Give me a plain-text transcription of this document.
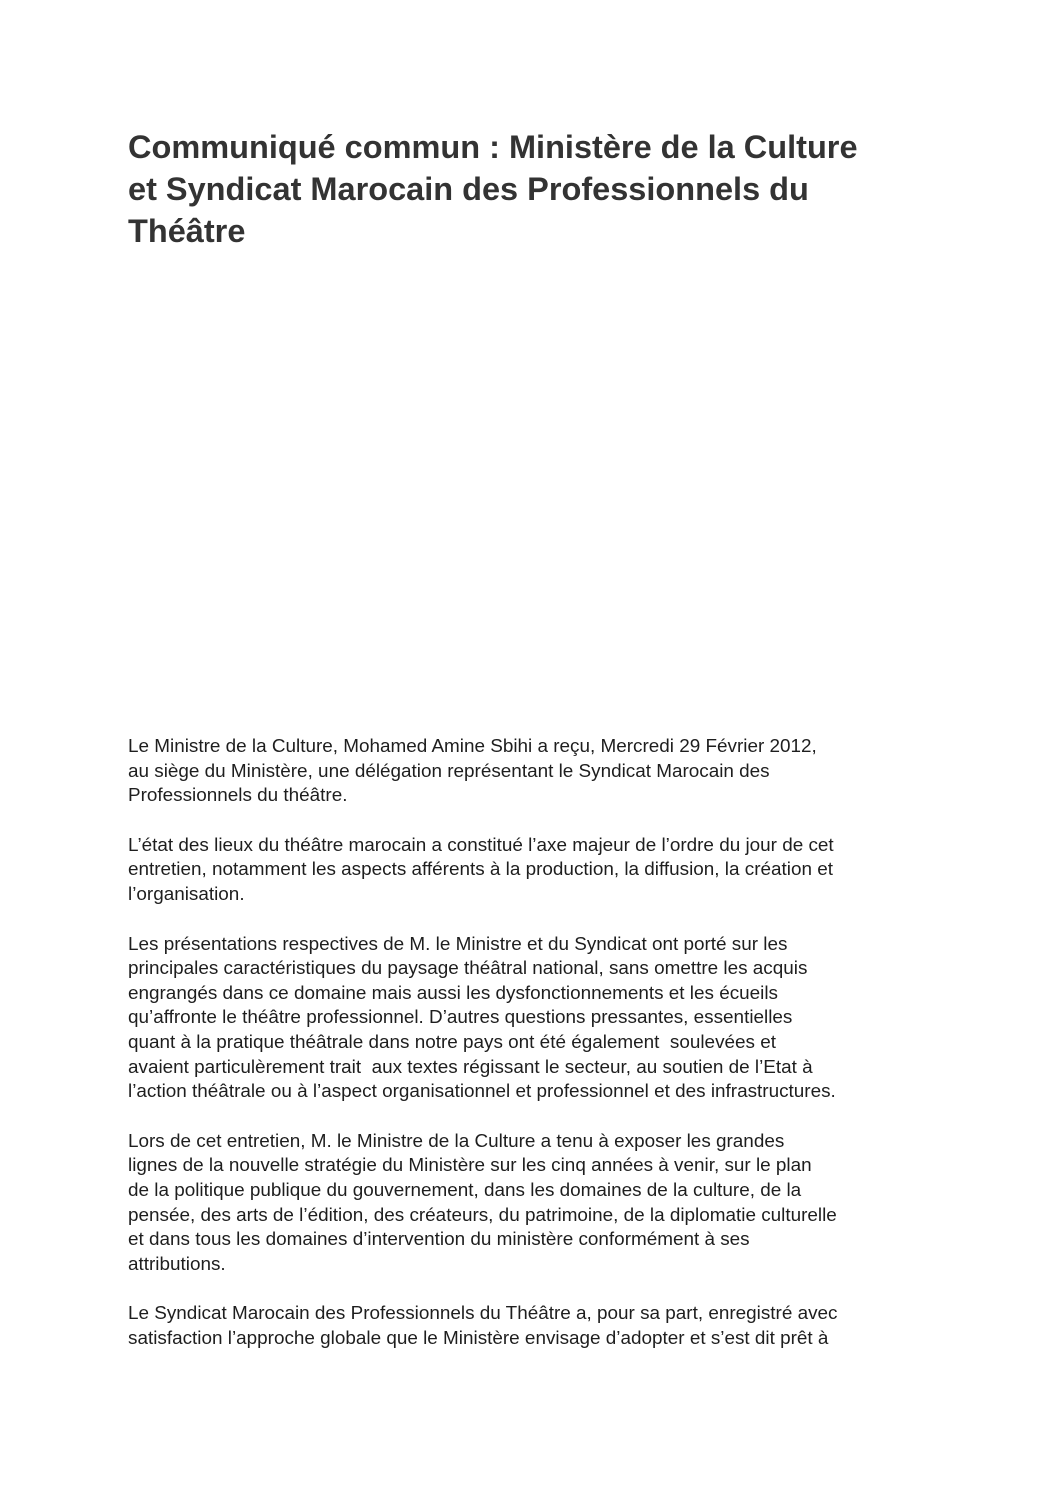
Communiqué commun : Ministère de la Culture
et Syndicat Marocain des Professionnels du
Théâtre

Le Ministre de la Culture, Mohamed Amine Sbihi a reçu, Mercredi 29 Février 2012,
au siège du Ministère, une délégation représentant le Syndicat Marocain des
Professionnels du théâtre.

L’état des lieux du théâtre marocain a constitué l’axe majeur de l’ordre du jour de cet
entretien, notamment les aspects afférents à la production, la diffusion, la création et
l’organisation.

Les présentations respectives de M. le Ministre et du Syndicat ont porté sur les
principales caractéristiques du paysage théâtral national, sans omettre les acquis
engrangés dans ce domaine mais aussi les dysfonctionnements et les écueils
qu’affronte le théâtre professionnel. D’autres questions pressantes, essentielles
quant à la pratique théâtrale dans notre pays ont été également  soulevées et
avaient particulèrement trait  aux textes régissant le secteur, au soutien de l’Etat à
l’action théâtrale ou à l’aspect organisationnel et professionnel et des infrastructures.

Lors de cet entretien, M. le Ministre de la Culture a tenu à exposer les grandes
lignes de la nouvelle stratégie du Ministère sur les cinq années à venir, sur le plan
de la politique publique du gouvernement, dans les domaines de la culture, de la
pensée, des arts de l’édition, des créateurs, du patrimoine, de la diplomatie culturelle
et dans tous les domaines d’intervention du ministère conformément à ses
attributions.

Le Syndicat Marocain des Professionnels du Théâtre a, pour sa part, enregistré avec
satisfaction l’approche globale que le Ministère envisage d’adopter et s’est dit prêt à
